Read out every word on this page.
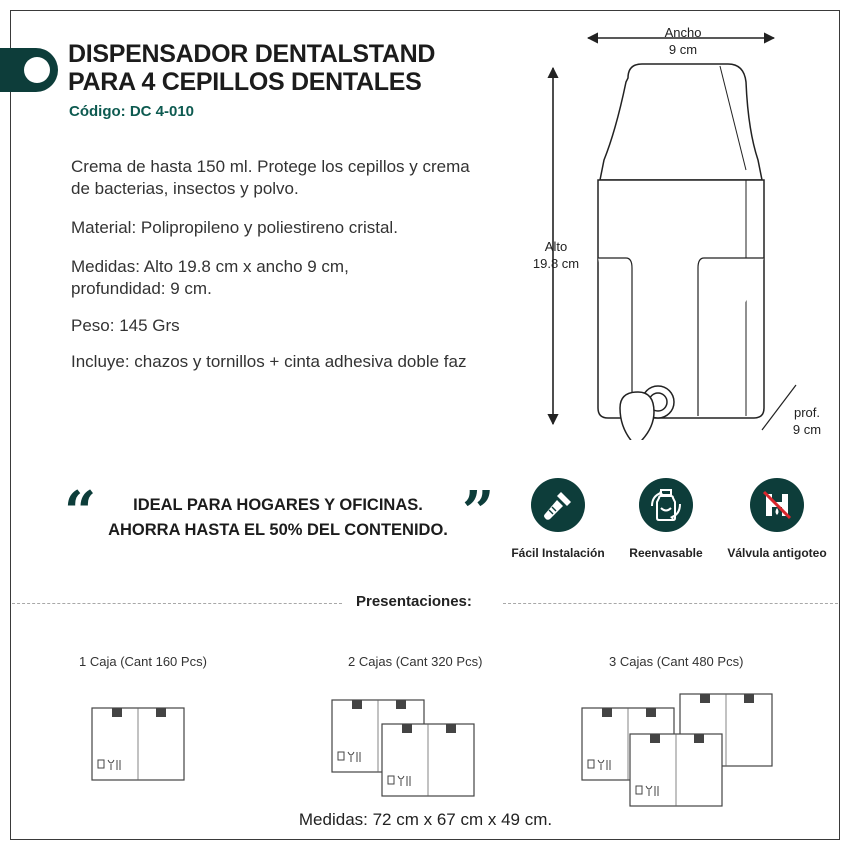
DISPENSADOR DENTALSTAND
PARA 4 CEPILLOS DENTALES
Código: DC 4-010
Crema de hasta 150 ml. Protege los cepillos y crema de bacterias, insectos y polvo.
Material: Polipropileno y poliestireno cristal.
Medidas: Alto 19.8 cm x ancho 9 cm, profundidad: 9 cm.
Peso: 145 Grs
Incluye: chazos y tornillos + cinta adhesiva doble faz
Ancho
9 cm
Alto
19.8 cm
prof.
9 cm
“	”
IDEAL PARA HOGARES Y OFICINAS.
AHORRA HASTA EL 50% DEL CONTENIDO.
Fácil Instalación	Reenvasable	Válvula antigoteo
Presentaciones:
1 Caja (Cant 160 Pcs)	2 Cajas (Cant 320 Pcs)	3 Cajas (Cant 480 Pcs)
Medidas: 72 cm x 67 cm x 49 cm.
